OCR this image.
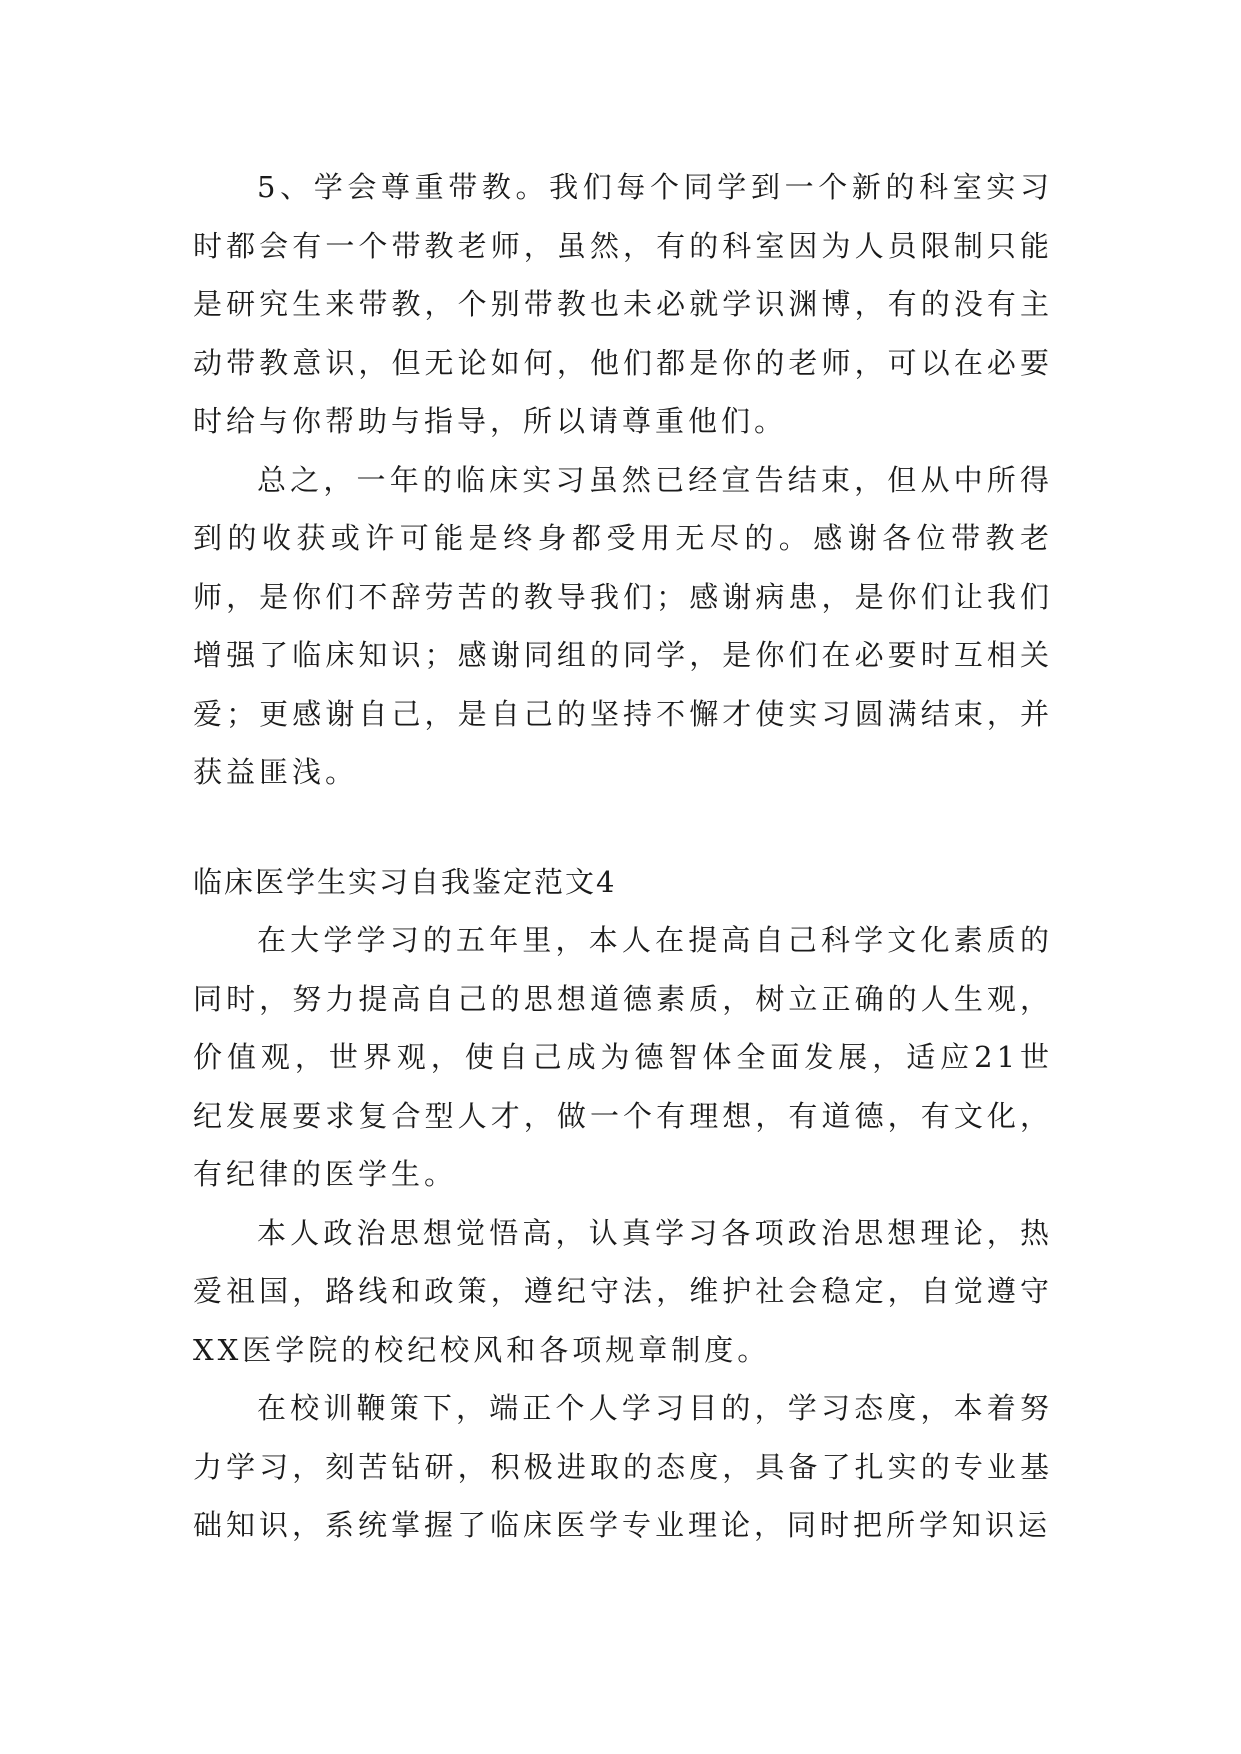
5、学会尊重带教。我们每个同学到一个新的科室实习时都会有一个带教老师，虽然，有的科室因为人员限制只能是研究生来带教，个别带教也未必就学识渊博，有的没有主动带教意识，但无论如何，他们都是你的老师，可以在必要时给与你帮助与指导，所以请尊重他们。

总之，一年的临床实习虽然已经宣告结束，但从中所得到的收获或许可能是终身都受用无尽的。感谢各位带教老师，是你们不辞劳苦的教导我们；感谢病患，是你们让我们增强了临床知识；感谢同组的同学，是你们在必要时互相关爱；更感谢自己，是自己的坚持不懈才使实习圆满结束，并获益匪浅。

临床医学生实习自我鉴定范文4

在大学学习的五年里，本人在提高自己科学文化素质的同时，努力提高自己的思想道德素质，树立正确的人生观，价值观，世界观，使自己成为德智体全面发展，适应21世纪发展要求复合型人才，做一个有理想，有道德，有文化，有纪律的医学生。

本人政治思想觉悟高，认真学习各项政治思想理论，热爱祖国，路线和政策，遵纪守法，维护社会稳定，自觉遵守XX医学院的校纪校风和各项规章制度。

在校训鞭策下，端正个人学习目的，学习态度，本着努力学习，刻苦钻研，积极进取的态度，具备了扎实的专业基础知识，系统掌握了临床医学专业理论，同时把所学知识运
